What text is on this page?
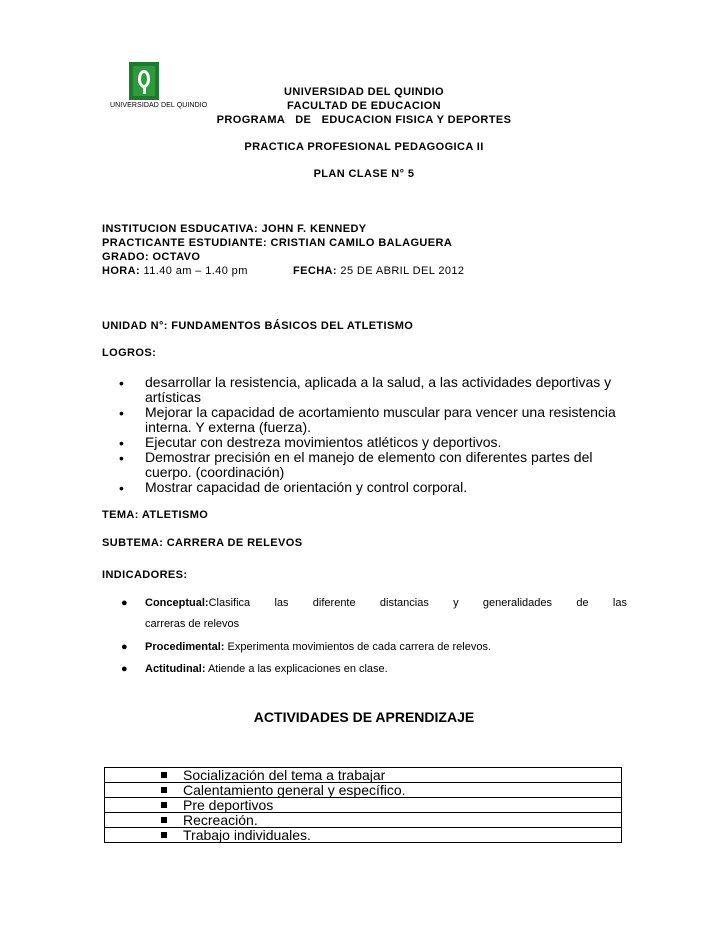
UNIVERSIDAD DEL QUINDIO
UNIVERSIDAD DEL QUINDIO
FACULTAD DE EDUCACION
PROGRAMA   DE   EDUCACION FISICA Y DEPORTES
PRACTICA PROFESIONAL PEDAGOGICA II
PLAN CLASE N° 5
INSTITUCION ESDUCATIVA: JOHN F. KENNEDY
PRACTICANTE ESTUDIANTE: CRISTIAN CAMILO BALAGUERA
GRADO: OCTAVO
HORA: 11.40 am – 1.40 pm	FECHA: 25 DE ABRIL DEL 2012
UNIDAD N°: FUNDAMENTOS BÁSICOS DEL ATLETISMO
LOGROS:
• desarrollar la resistencia, aplicada a la salud, a las actividades deportivas y artísticas
• Mejorar la capacidad de acortamiento muscular para vencer una resistencia interna. Y externa (fuerza).
• Ejecutar con destreza movimientos atléticos y deportivos.
• Demostrar precisión en el manejo de elemento con diferentes partes del cuerpo. (coordinación)
• Mostrar capacidad de orientación y control corporal.
TEMA: ATLETISMO
SUBTEMA: CARRERA DE RELEVOS
INDICADORES:
● Conceptual:Clasifica las diferente distancias y generalidades de las
carreras de relevos
● Procedimental: Experimenta movimientos de cada carrera de relevos.
● Actitudinal: Atiende a las explicaciones en clase.
ACTIVIDADES DE APRENDIZAJE
Socialización del tema a trabajar
Calentamiento general y específico.
Pre deportivos
Recreación.
Trabajo individuales.
